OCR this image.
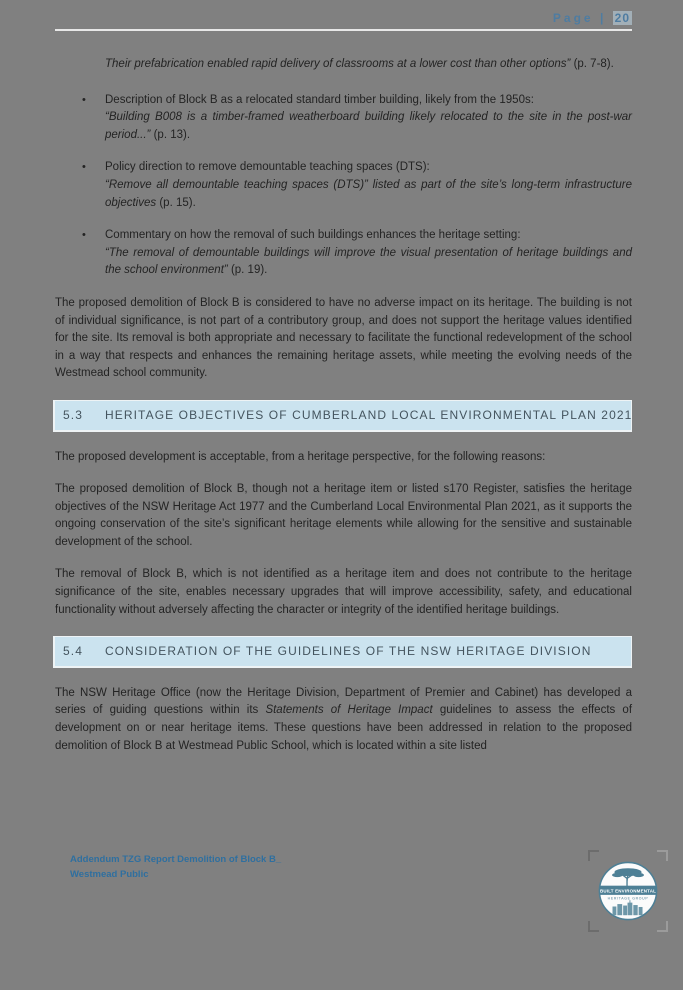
Page | 20
Their prefabrication enabled rapid delivery of classrooms at a lower cost than other options” (p. 7-8).
• Description of Block B as a relocated standard timber building, likely from the 1950s:
“Building B008 is a timber-framed weatherboard building likely relocated to the site in the post-war period...” (p. 13).
• Policy direction to remove demountable teaching spaces (DTS):
“Remove all demountable teaching spaces (DTS)” listed as part of the site’s long-term infrastructure objectives (p. 15).
• Commentary on how the removal of such buildings enhances the heritage setting:
“The removal of demountable buildings will improve the visual presentation of heritage buildings and the school environment” (p. 19).

The proposed demolition of Block B is considered to have no adverse impact on its heritage. The building is not of individual significance, is not part of a contributory group, and does not support the heritage values identified for the site. Its removal is both appropriate and necessary to facilitate the functional redevelopment of the school in a way that respects and enhances the remaining heritage assets, while meeting the evolving needs of the Westmead school community.

5.3 HERITAGE OBJECTIVES OF CUMBERLAND LOCAL ENVIRONMENTAL PLAN 2021

The proposed development is acceptable, from a heritage perspective, for the following reasons:

The proposed demolition of Block B, though not a heritage item or listed s170 Register, satisfies the heritage objectives of the NSW Heritage Act 1977 and the Cumberland Local Environmental Plan 2021, as it supports the ongoing conservation of the site’s significant heritage elements while allowing for the sensitive and sustainable development of the school.

The removal of Block B, which is not identified as a heritage item and does not contribute to the heritage significance of the site, enables necessary upgrades that will improve accessibility, safety, and educational functionality without adversely affecting the character or integrity of the identified heritage buildings.

5.4 CONSIDERATION OF THE GUIDELINES OF THE NSW HERITAGE DIVISION

The NSW Heritage Office (now the Heritage Division, Department of Premier and Cabinet) has developed a series of guiding questions within its Statements of Heritage Impact guidelines to assess the effects of development on or near heritage items. These questions have been addressed in relation to the proposed demolition of Block B at Westmead Public School, which is located within a site listed

Addendum TZG Report Demolition of Block B_
Westmead Public
BUILT ENVIRONMENTAL
HERITAGE GROUP
